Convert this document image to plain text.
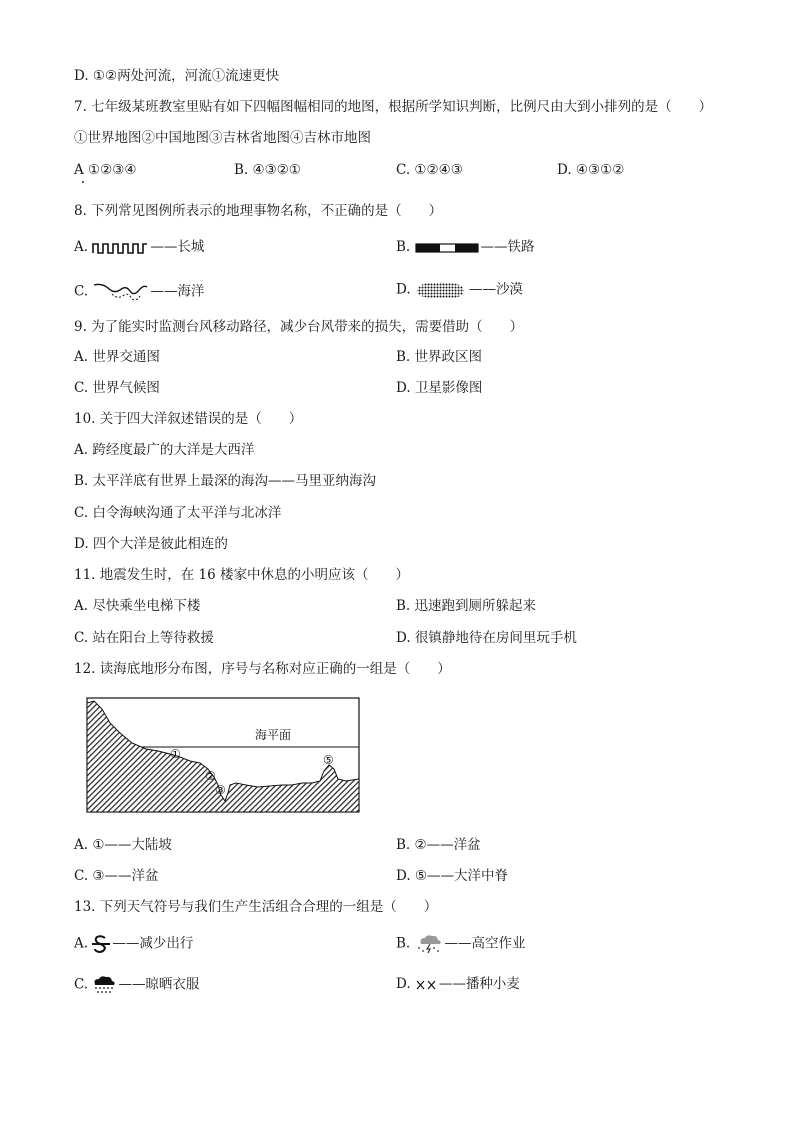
D. ①②两处河流，河流①流速更快
7. 七年级某班教室里贴有如下四幅图幅相同的地图，根据所学知识判断，比例尺由大到小排列的是（　　）
①世界地图②中国地图③吉林省地图④吉林市地图
A ①②③④	B. ④③②①	C. ①②④③	D. ④③①②
8. 下列常见图例所表示的地理事物名称，不正确的是（　　）
A.	——长城	B.	——铁路
C.	——海洋	D.	——沙漠
9. 为了能实时监测台风移动路径，减少台风带来的损失，需要借助（　　）
A. 世界交通图	B. 世界政区图
C. 世界气候图	D. 卫星影像图
10. 关于四大洋叙述错误的是（　　）
A. 跨经度最广的大洋是大西洋
B. 太平洋底有世界上最深的海沟——马里亚纳海沟
C. 白令海峡沟通了太平洋与北冰洋
D. 四个大洋是彼此相连的
11. 地震发生时，在 16 楼家中休息的小明应该（　　）
A. 尽快乘坐电梯下楼	B. 迅速跑到厕所躲起来
C. 站在阳台上等待救援	D. 很镇静地待在房间里玩手机
12. 读海底地形分布图，序号与名称对应正确的一组是（　　）
海平面
①
②
③
⑤
A. ①——大陆坡	B. ②——洋盆
C. ③——洋盆	D. ⑤——大洋中脊
13. 下列天气符号与我们生产生活组合合理的一组是（　　）
A. ——减少出行	B.	——高空作业
C. ——晾晒衣服	D. ——播种小麦
